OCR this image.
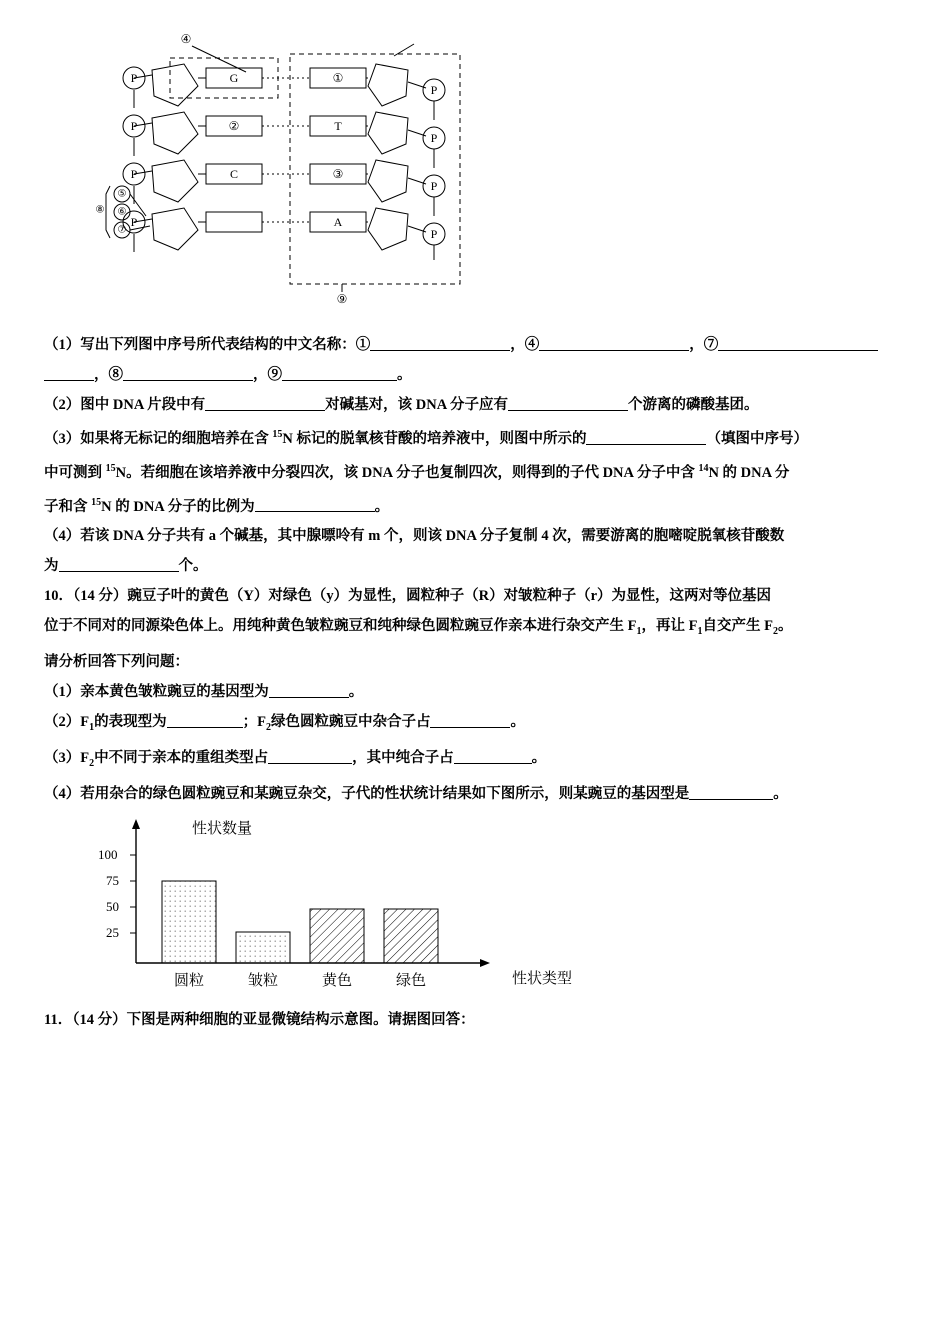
P
P
P
P
G
②
C
①
T
③
A
P
P
P
P
④
⑨
⑧
⑤
⑥
⑦

（1）写出下列图中序号所代表结构的中文名称：①	，④	，⑦

，⑧	，⑨	。

（2）图中 DNA 片段中有	对碱基对，该 DNA 分子应有	个游离的磷酸基团。

（3）如果将无标记的细胞培养在含 $^{15}$N 标记的脱氧核苷酸的培养液中，则图中所示的	（填图中序号）

中可测到 $^{15}$N。若细胞在该培养液中分裂四次，该 DNA 分子也复制四次，则得到的子代 DNA 分子中含 $^{14}$N 的 DNA 分

子和含 $^{15}$N 的 DNA 分子的比例为	。

（4）若该 DNA 分子共有 a 个碱基，其中腺嘌呤有 m 个，则该 DNA 分子复制 4 次，需要游离的胞嘧啶脱氧核苷酸数

为	个。

10．（14 分）豌豆子叶的黄色（Y）对绿色（y）为显性，圆粒种子（R）对皱粒种子（r）为显性，这两对等位基因

位于不同对的同源染色体上。用纯种黄色皱粒豌豆和纯种绿色圆粒豌豆作亲本进行杂交产生 $F_1$，再让 $F_1$自交产生 $F_2$。

请分析回答下列问题：

（1）亲本黄色皱粒豌豆的基因型为	。

$(2)F_1$的表现型为	；$F_2$绿色圆粒豌豆中杂合子占	。

$(3)F_2$中不同于亲本的重组类型占	，其中纯合子占	。

（4）若用杂合的绿色圆粒豌豆和某豌豆杂交，子代的性状统计结果如下图所示，则某豌豆的基因型是	。

25
50
75
100
圆粒	皱粒	黄色	绿色
性状数量
性状类型

11．（14 分）下图是两种细胞的亚显微镜结构示意图。请据图回答：
